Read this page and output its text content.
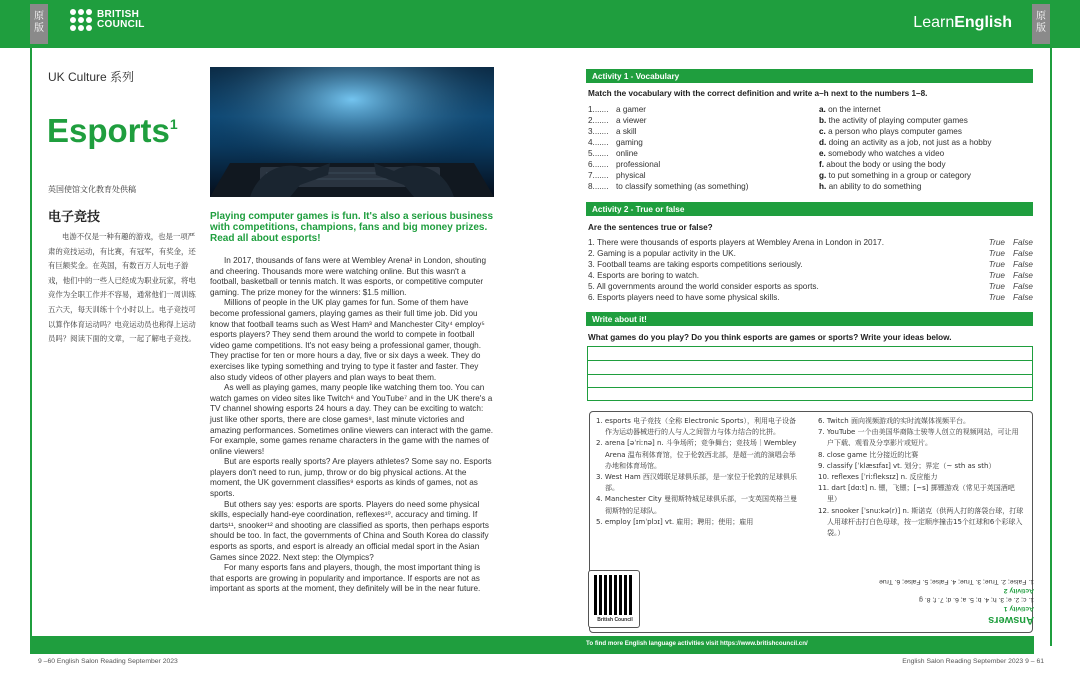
原版
原版
BRITISH
COUNCIL	LearnEnglish
UK Culture 系列
Esports$^1$
英国使馆文化教育处供稿
电子竞技
电游不仅是一种有趣的游戏，也是一项严肃的竞技运动，有比赛，有冠军，有奖金，还有巨额奖金。在英国，有数百万人玩电子游戏，他们中的一些人已经成为职业玩家，将电竞作为全职工作并不容易，通常他们一周训练五六天，每天训练十个小时以上。电子竞技可以算作体育运动吗？电竞运动员也称得上运动员吗？阅读下面的文章，一起了解电子竞技。
Playing computer games is fun. It's also a serious business with competitions, champions, fans and big money prizes. Read all about esports!

In 2017, thousands of fans were at Wembley Arena² in London, shouting and cheering. Thousands more were watching online. But this wasn't a football, basketball or tennis match. It was esports, or competitive computer gaming. The prize money for the winners: $1.5 million.

Millions of people in the UK play games for fun. Some of them have become professional gamers, playing games as their full time job. Did you know that football teams such as West Ham³ and Manchester City⁴ employ⁵ esports players? They send them around the world to compete in football video game competitions. It's not easy being a professional gamer, though. They practise for ten or more hours a day, five or six days a week. They do exercises like typing something and trying to type it faster and faster. They also study videos of other players and plan ways to beat them.

As well as playing games, many people like watching them too. You can watch games on video sites like Twitch⁶ and YouTube⁷ and in the UK there's a TV channel showing esports 24 hours a day. They can be exciting to watch: just like other sports, there are close games⁸, last minute victories and amazing performances. Sometimes online viewers can interact with the game. For example, some games rename characters in the game with the names of online viewers!

But are esports really sports? Are players athletes? Some say no. Esports players don't need to run, jump, throw or do big physical actions. At the moment, the UK government classifies⁹ esports as kinds of games, not as sports.

But others say yes: esports are sports. Players do need some physical skills, especially hand-eye coordination, reflexes¹⁰, accuracy and timing. If darts¹¹, snooker¹² and shooting are classified as sports, then perhaps esports should be too. In fact, the governments of China and South Korea do classify esports as sports, and esport is already an official medal sport in the Asian Games since 2022. Next step: the Olympics?

For many esports fans and players, though, the most important thing is that esports are growing in popularity and importance. If esports are not as important as sports at the moment, they definitely will be in the near future.

Activity 1 - Vocabulary
Match the vocabulary with the correct definition and write a–h next to the numbers 1–8.
1....... a gamer	a. on the internet
2....... a viewer	b. the activity of playing computer games
3....... a skill	c. a person who plays computer games
4....... gaming	d. doing an activity as a job, not just as a hobby
5....... online	e. somebody who watches a video
6....... professional	f. about the body or using the body
7....... physical	g. to put something in a group or category
8....... to classify something (as something)	h. an ability to do something
Activity 2 - True or false
Are the sentences true or false?
1. There were thousands of esports players at Wembley Arena in London in 2017.	True False
2. Gaming is a popular activity in the UK.	True False
3. Football teams are taking esports competitions seriously.	True False
4. Esports are boring to watch.	True False
5. All governments around the world consider esports as sports.	True False
6. Esports players need to have some physical skills.	True False
Write about it!
What games do you play? Do you think esports are games or sports? Write your ideas below.

1. esports 电子竞技（全称 Electronic Sports），利用电子设备作为运动器械进行的人与人之间智力与体力结合的比拼。

2. arena [əˈriːnə] n. 斗争场所；竞争舞台；竞技场｜Wembley Arena 温布利体育馆，位于伦敦西北部，是超一流的演唱会举办地和体育场馆。

3. West Ham 西汉姆联足球俱乐部，是一家位于伦敦的足球俱乐部。

4. Manchester City 曼彻斯特城足球俱乐部，一支英国英格兰曼彻斯特的足球队。

5. employ [ɪmˈplɔɪ] vt. 雇用；聘用；使用；雇用

6. Twitch 面向视频游戏的实时流媒体视频平台。

7. YouTube 一个由美国华裔陈士骏等人创立的视频网站，可让用户下载、观看及分享影片或短片。

8. close game 比分接近的比赛

9. classify [ˈklæsɪfaɪ] vt. 划分；界定（~ sth as sth）

10. reflexes [ˈriːfleksɪz] n. 反应能力

11. dart [dɑːt] n. 镖，飞镖；[~s] 掷镖游戏（常见于英国酒吧里）

12. snooker [ˈsnuːkə(r)] n. 斯诺克（供两人打的落袋台球，打球人用球杆击打白色母球，按一定顺序撞击15个红球和6个彩球入袋。）

British Council	Answers
Activity 1
1. c; 2. e; 3. h; 4. b; 5. a; 6. d; 7. f; 8. g
Activity 2
1. False; 2. True; 3. True; 4. False; 5. False; 6. True
To find more English language activities visit https://www.britishcouncil.cn/
9 –60 English Salon Reading September 2023	English Salon Reading September 2023 9 – 61
